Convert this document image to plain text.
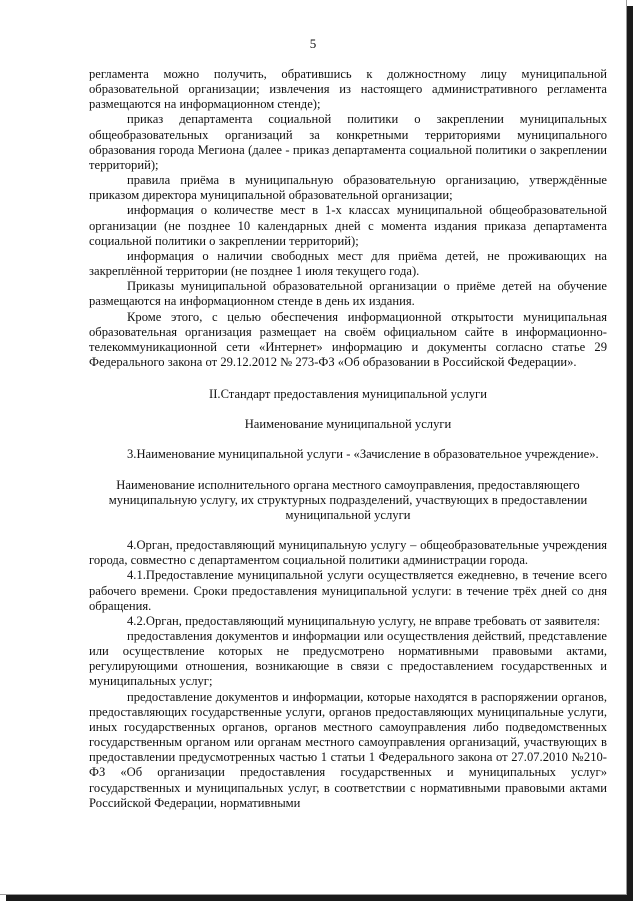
5

регламента можно получить, обратившись к должностному лицу муниципальной образовательной организации; извлечения из настоящего административного регламента размещаются на информационном стенде);

приказ департамента социальной политики о закреплении муниципальных общеобразовательных организаций за конкретными территориями муниципального образования города Мегиона (далее - приказ департамента социальной политики о закреплении территорий);

правила приёма в муниципальную образовательную организацию, утверждённые приказом директора муниципальной образовательной организации;

информация о количестве мест в 1-х классах муниципальной общеобразовательной организации (не позднее 10 календарных дней с момента издания приказа департамента социальной политики о закреплении территорий);

информация о наличии свободных мест для приёма детей, не проживающих на закреплённой территории (не позднее 1 июля текущего года).

Приказы муниципальной образовательной организации о приёме детей на обучение размещаются на информационном стенде в день их издания.

Кроме этого, с целью обеспечения информационной открытости муниципальная образовательная организация размещает на своём официальном сайте в информационно-телекоммуникационной сети «Интернет» информацию и документы согласно статье 29 Федерального закона от 29.12.2012 № 273-ФЗ «Об образовании в Российской Федерации».

II.Стандарт предоставления муниципальной услуги

Наименование муниципальной услуги

3.Наименование муниципальной услуги - «Зачисление в образовательное учреждение».

Наименование исполнительного органа местного самоуправления, предоставляющего муниципальную услугу, их структурных подразделений, участвующих в предоставлении муниципальной услуги

4.Орган, предоставляющий муниципальную услугу – общеобразовательные учреждения города, совместно с департаментом социальной политики администрации города.

4.1.Предоставление муниципальной услуги осуществляется ежедневно, в течение всего рабочего времени. Сроки предоставления муниципальной услуги: в течение трёх дней со дня обращения.

4.2.Орган, предоставляющий муниципальную услугу, не вправе требовать от заявителя:

предоставления документов и информации или осуществления действий, представление или осуществление которых не предусмотрено нормативными правовыми актами, регулирующими отношения, возникающие в связи с предоставлением государственных и муниципальных услуг;

предоставление документов и информации, которые находятся в распоряжении органов, предоставляющих государственные услуги, органов предоставляющих муниципальные услуги, иных государственных органов, органов местного самоуправления либо подведомственных государственным органом или органам местного самоуправления организаций, участвующих в предоставлении предусмотренных частью 1 статьи 1 Федерального закона от 27.07.2010 №210-ФЗ «Об организации предоставления государственных и муниципальных услуг» государственных и муниципальных услуг, в соответствии с нормативными правовыми актами Российской Федерации, нормативными
